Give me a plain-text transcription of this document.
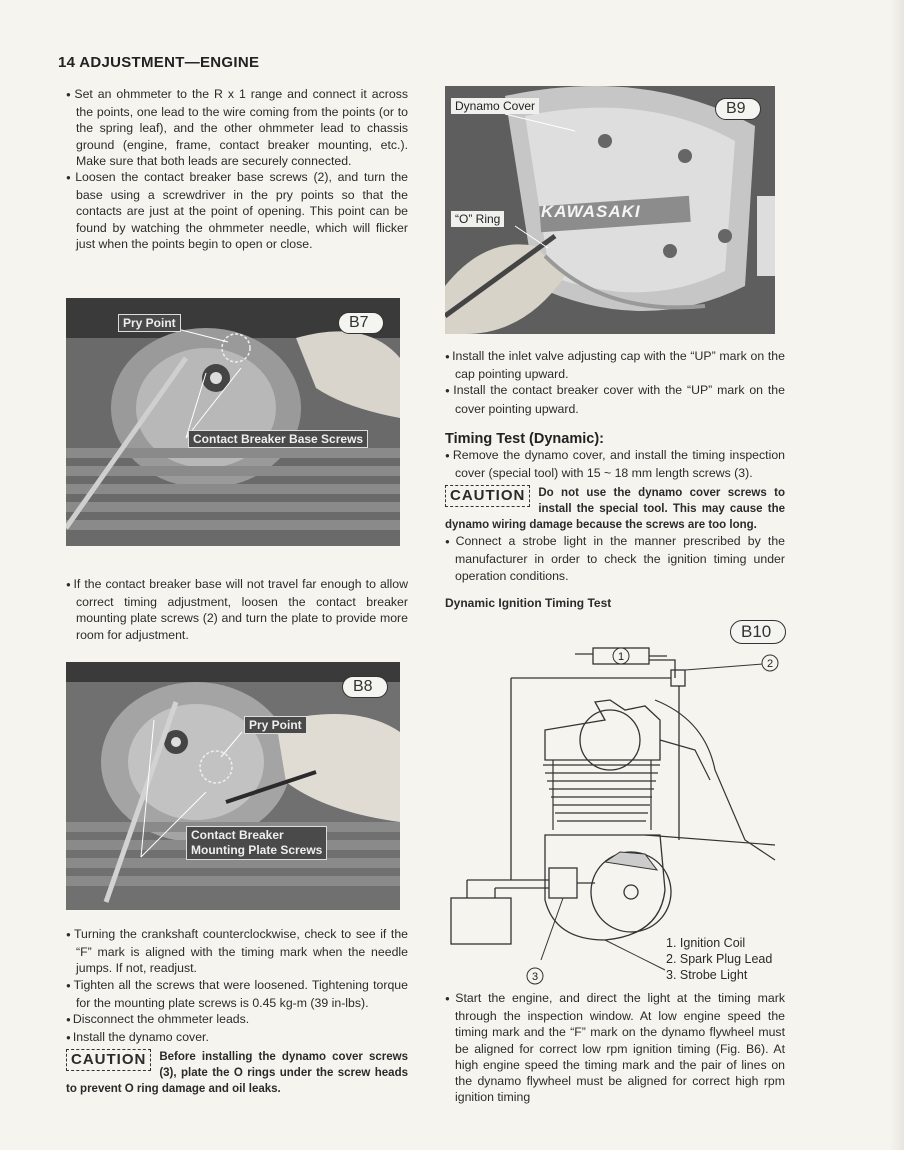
14 ADJUSTMENT—ENGINE

● Set an ohmmeter to the R x 1 range and connect it across the points, one lead to the wire coming from the points (or to the spring leaf), and the other ohmmeter lead to chassis ground (engine, frame, contact breaker mounting, etc.). Make sure that both leads are securely connected.

● Loosen the contact breaker base screws (2), and turn the base using a screwdriver in the pry points so that the contacts are just at the point of opening. This point can be found by watching the ohmmeter needle, which will flicker just when the points begin to open or close.

Pry Point
Contact Breaker Base Screws
B7

● If the contact breaker base will not travel far enough to allow correct timing adjustment, loosen the contact breaker mounting plate screws (2) and turn the plate to provide more room for adjustment.

Pry Point
Contact Breaker
Mounting Plate Screws
B8

● Turning the crankshaft counterclockwise, check to see if the “F” mark is aligned with the timing mark when the needle jumps. If not, readjust.

● Tighten all the screws that were loosened. Tightening torque for the mounting plate screws is 0.45 kg-m (39 in-lbs).

● Disconnect the ohmmeter leads.

● Install the dynamo cover.

CAUTION	Before installing the dynamo cover screws (3), plate the O rings under the screw heads to prevent O ring damage and oil leaks.

Dynamo Cover
“O” Ring KAWASAKI
B9

● Install the inlet valve adjusting cap with the “UP” mark on the cap pointing upward.

● Install the contact breaker cover with the “UP” mark on the cover pointing upward.

Timing Test (Dynamic):

● Remove the dynamo cover, and install the timing inspection cover (special tool) with 15 ~ 18 mm length screws (3).

CAUTION	Do not use the dynamo cover screws to install the special tool. This may cause the dynamo wiring damage because the screws are too long.

● Connect a strobe light in the manner prescribed by the manufacturer in order to check the ignition timing under operation conditions.

Dynamic Ignition Timing Test

B10
1
2
3
1. Ignition Coil
2. Spark Plug Lead
3. Strobe Light

● Start the engine, and direct the light at the timing mark through the inspection window. At low engine speed the timing mark and the “F” mark on the dynamo flywheel must be aligned for correct low rpm ignition timing (Fig. B6). At high engine speed the timing mark and the pair of lines on the dynamo flywheel must be aligned for correct high rpm ignition timing
